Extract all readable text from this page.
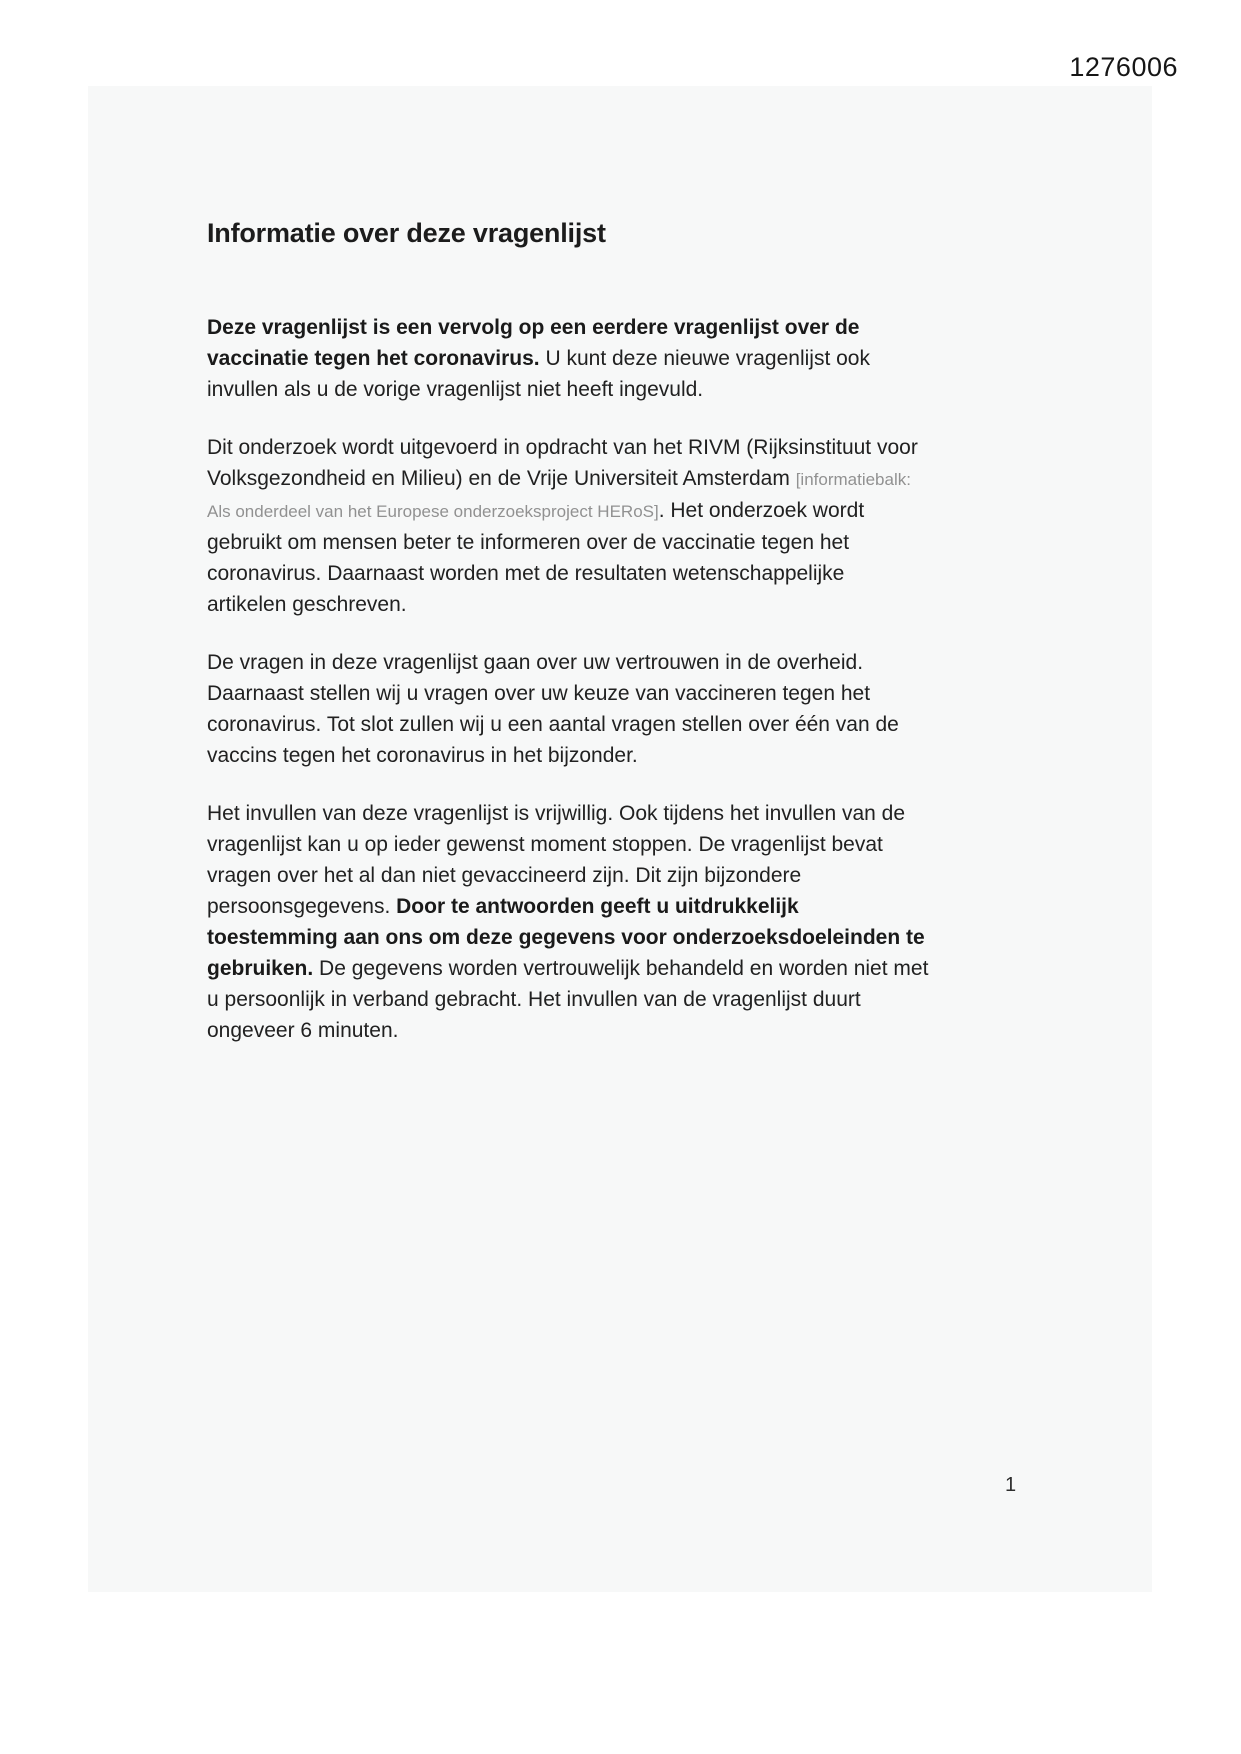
1276006
Informatie over deze vragenlijst

Deze vragenlijst is een vervolg op een eerdere vragenlijst over de vaccinatie tegen het coronavirus. U kunt deze nieuwe vragenlijst ook invullen als u de vorige vragenlijst niet heeft ingevuld.

Dit onderzoek wordt uitgevoerd in opdracht van het RIVM (Rijksinstituut voor Volksgezondheid en Milieu) en de Vrije Universiteit Amsterdam [informatiebalk: Als onderdeel van het Europese onderzoeksproject HERoS]. Het onderzoek wordt gebruikt om mensen beter te informeren over de vaccinatie tegen het coronavirus. Daarnaast worden met de resultaten wetenschappelijke artikelen geschreven.

De vragen in deze vragenlijst gaan over uw vertrouwen in de overheid. Daarnaast stellen wij u vragen over uw keuze van vaccineren tegen het coronavirus. Tot slot zullen wij u een aantal vragen stellen over één van de vaccins tegen het coronavirus in het bijzonder.

Het invullen van deze vragenlijst is vrijwillig. Ook tijdens het invullen van de vragenlijst kan u op ieder gewenst moment stoppen. De vragenlijst bevat vragen over het al dan niet gevaccineerd zijn. Dit zijn bijzondere persoonsgegevens. Door te antwoorden geeft u uitdrukkelijk toestemming aan ons om deze gegevens voor onderzoeksdoeleinden te gebruiken. De gegevens worden vertrouwelijk behandeld en worden niet met u persoonlijk in verband gebracht. Het invullen van de vragenlijst duurt ongeveer 6 minuten.

1
